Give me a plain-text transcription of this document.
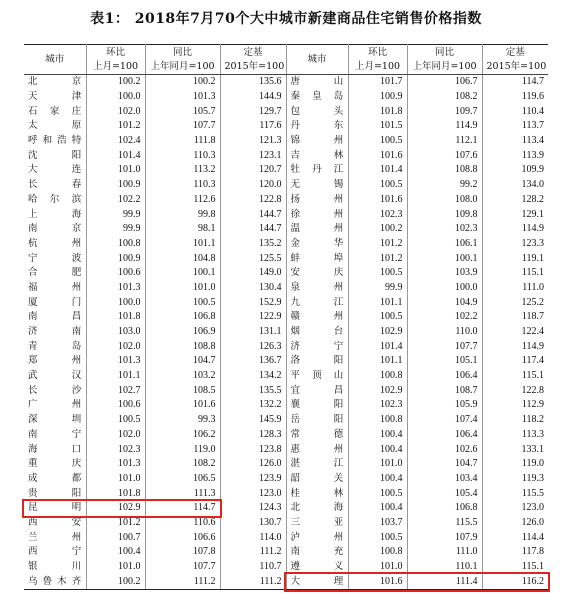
表1： 2018年7月70个大中城市新建商品住宅销售价格指数
城市	环比	同比	定基	城市	环比	同比	定基
	上月=100	上年同月=100	2015年=100		上月=100	上年同月=100	2015年=100
北京	100.2	100.2	135.6	唐山	101.7	106.7	114.7
天津	100.0	101.3	144.9	秦皇岛	100.9	108.2	119.6
石家庄	102.0	105.7	129.7	包头	101.8	109.7	110.4
太原	101.2	107.7	117.6	丹东	101.5	114.9	113.7
呼和浩特	102.4	111.8	121.3	锦州	100.5	112.1	113.4
沈阳	101.4	110.3	123.1	吉林	101.6	107.6	113.9
大连	101.0	113.2	120.7	牡丹江	101.4	108.8	109.9
长春	100.9	110.3	120.0	无锡	100.5	99.2	134.0
哈尔滨	102.2	112.6	122.8	扬州	101.6	108.0	128.2
上海	99.9	99.8	144.7	徐州	102.3	109.8	129.1
南京	99.9	98.1	144.7	温州	100.2	102.3	114.9
杭州	100.8	101.1	135.2	金华	101.2	106.1	123.3
宁波	100.9	104.8	125.5	蚌埠	101.2	100.1	119.1
合肥	100.6	100.1	149.0	安庆	100.5	103.9	115.1
福州	101.3	101.0	130.4	泉州	99.9	100.0	111.0
厦门	100.0	100.5	152.9	九江	101.1	104.9	125.2
南昌	101.8	106.8	122.9	赣州	100.5	102.2	118.7
济南	103.0	106.9	131.1	烟台	102.9	110.0	122.4
青岛	102.0	108.8	126.3	济宁	101.4	107.7	114.9
郑州	101.3	104.7	136.7	洛阳	101.1	105.1	117.4
武汉	101.1	103.2	134.2	平顶山	100.8	106.4	115.1
长沙	102.7	108.5	135.5	宜昌	102.9	108.7	122.8
广州	100.6	101.6	132.2	襄阳	102.3	105.9	112.9
深圳	100.5	99.3	145.9	岳阳	100.8	107.4	118.2
南宁	102.0	106.2	128.3	常德	100.4	106.4	113.3
海口	102.3	119.0	123.8	惠州	100.4	102.6	133.1
重庆	101.3	108.2	126.0	湛江	101.0	104.7	119.0
成都	101.0	106.5	123.9	韶关	100.4	103.4	119.3
贵阳	101.8	111.3	123.0	桂林	100.5	105.4	115.5
昆明	102.9	114.7	124.3	北海	100.4	106.8	123.0
西安	101.2	110.6	130.7	三亚	103.7	115.5	126.0
兰州	100.7	106.6	114.0	泸州	100.5	107.9	114.4
西宁	100.4	107.8	111.2	南充	100.8	111.0	117.8
银川	101.0	107.7	110.7	遵义	101.0	110.1	115.1
乌鲁木齐	100.2	111.2	111.2	大理	101.6	111.4	116.2
